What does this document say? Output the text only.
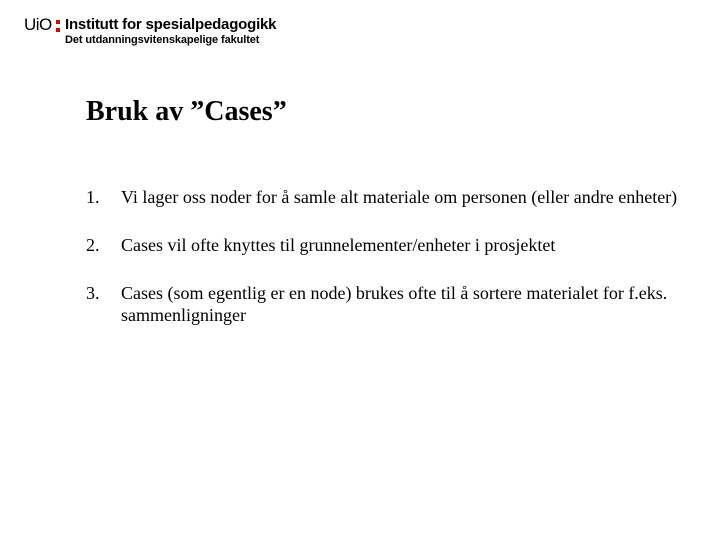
UiO Institutt for spesialpedagogikk
Det utdanningsvitenskapelige fakultet
Bruk av ”Cases”
1. Vi lager oss noder for å samle alt materiale om personen (eller andre enheter)
2. Cases vil ofte knyttes til grunnelementer/enheter i prosjektet
3. Cases (som egentlig er en node) brukes ofte til å sortere materialet for f.eks. sammenligninger
